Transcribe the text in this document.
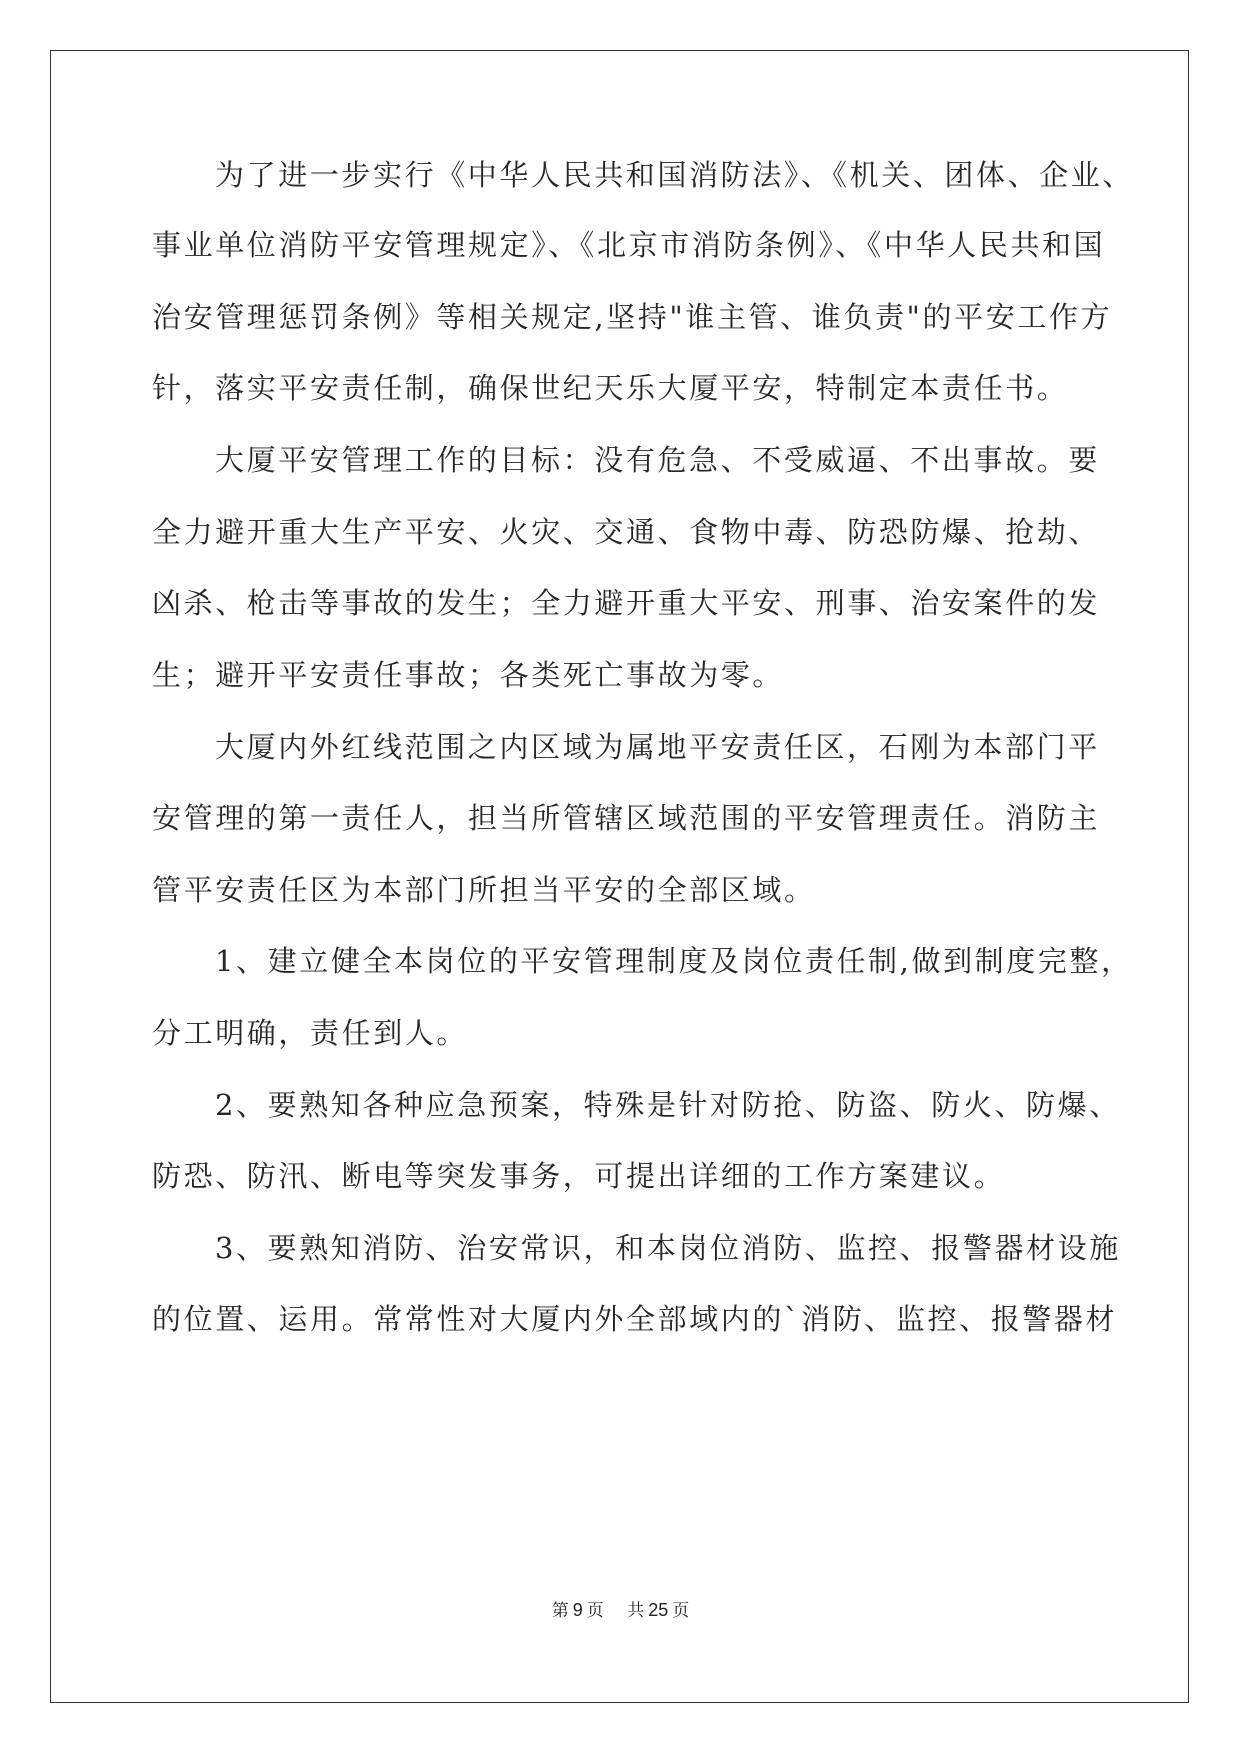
为了进一步实行《中华人民共和国消防法》、《机关、团体、企业、
事业单位消防平安管理规定》、《北京市消防条例》、《中华人民共和国
治安管理惩罚条例》等相关规定,坚持"谁主管、谁负责"的平安工作方
针，落实平安责任制，确保世纪天乐大厦平安，特制定本责任书。
大厦平安管理工作的目标：没有危急、不受威逼、不出事故。要
全力避开重大生产平安、火灾、交通、食物中毒、防恐防爆、抢劫、
凶杀、枪击等事故的发生；全力避开重大平安、刑事、治安案件的发
生；避开平安责任事故；各类死亡事故为零。
大厦内外红线范围之内区域为属地平安责任区，石刚为本部门平
安管理的第一责任人，担当所管辖区域范围的平安管理责任。消防主
管平安责任区为本部门所担当平安的全部区域。
1、建立健全本岗位的平安管理制度及岗位责任制,做到制度完整，
分工明确，责任到人。
2、要熟知各种应急预案，特殊是针对防抢、防盗、防火、防爆、
防恐、防汛、断电等突发事务，可提出详细的工作方案建议。
3、要熟知消防、治安常识，和本岗位消防、监控、报警器材设施
的位置、运用。常常性对大厦内外全部域内的`消防、监控、报警器材
第 9 页 共 25 页
